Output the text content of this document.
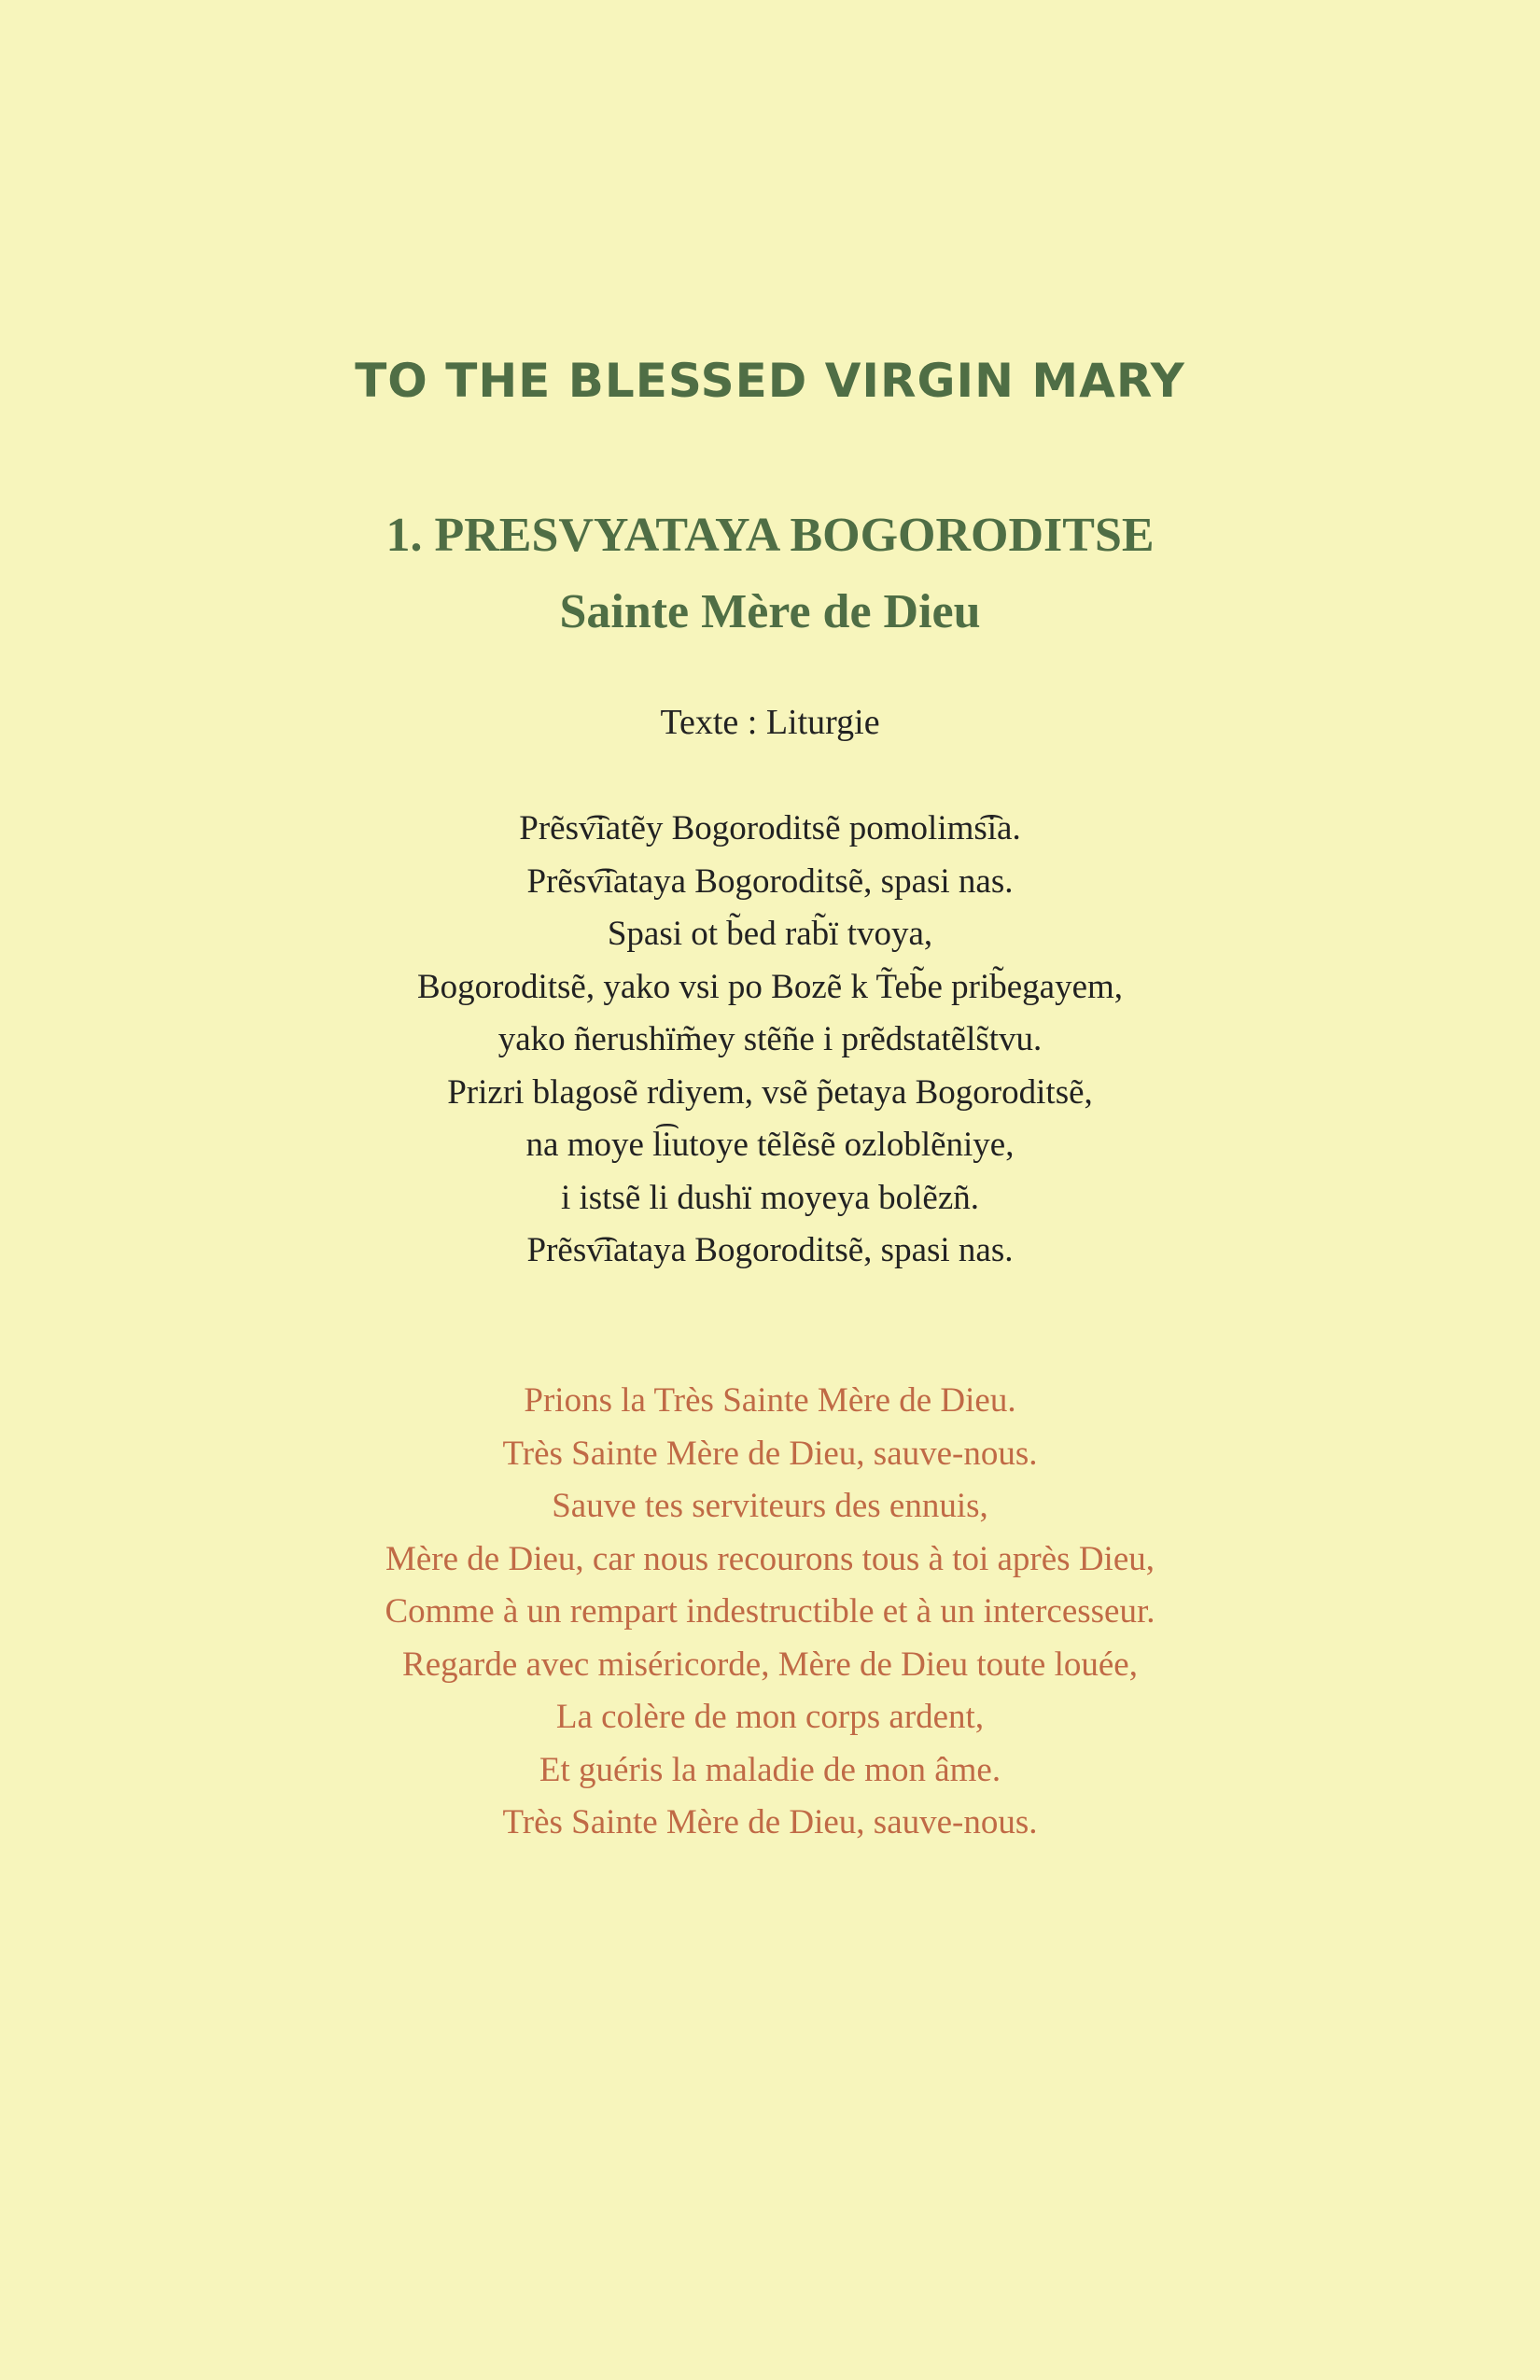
TO THE BLESSED VIRGIN MARY
1. PRESVYATAYA BOGORODITSE
Sainte Mère de Dieu

Texte : Liturgie

Prẽsv͡iatẽy Bogoroditsẽ pomolims͡ia.
Prẽsv͡iataya Bogoroditsẽ, spasi nas.
Spasi ot b̃ed rab̃ï tvoya,
Bogoroditsẽ, yako vsi po Bozẽ k T̃eb̃e prib̃egayem,
yako ñerushïm̃ey stẽñe i prẽdstatẽls̃tvu.
Prizri blagosẽ rdiyem, vsẽ p̃etaya Bogoroditsẽ,
na moye l͡iutoye tẽlẽsẽ ozloblẽniye,
i istsẽ li dushï moyeya bolẽzñ.
Prẽsv͡iataya Bogoroditsẽ, spasi nas.
Prions la Très Sainte Mère de Dieu.
Très Sainte Mère de Dieu, sauve-nous.
Sauve tes serviteurs des ennuis,
Mère de Dieu, car nous recourons tous à toi après Dieu,
Comme à un rempart indestructible et à un intercesseur.
Regarde avec miséricorde, Mère de Dieu toute louée,
La colère de mon corps ardent,
Et guéris la maladie de mon âme.
Très Sainte Mère de Dieu, sauve-nous.
